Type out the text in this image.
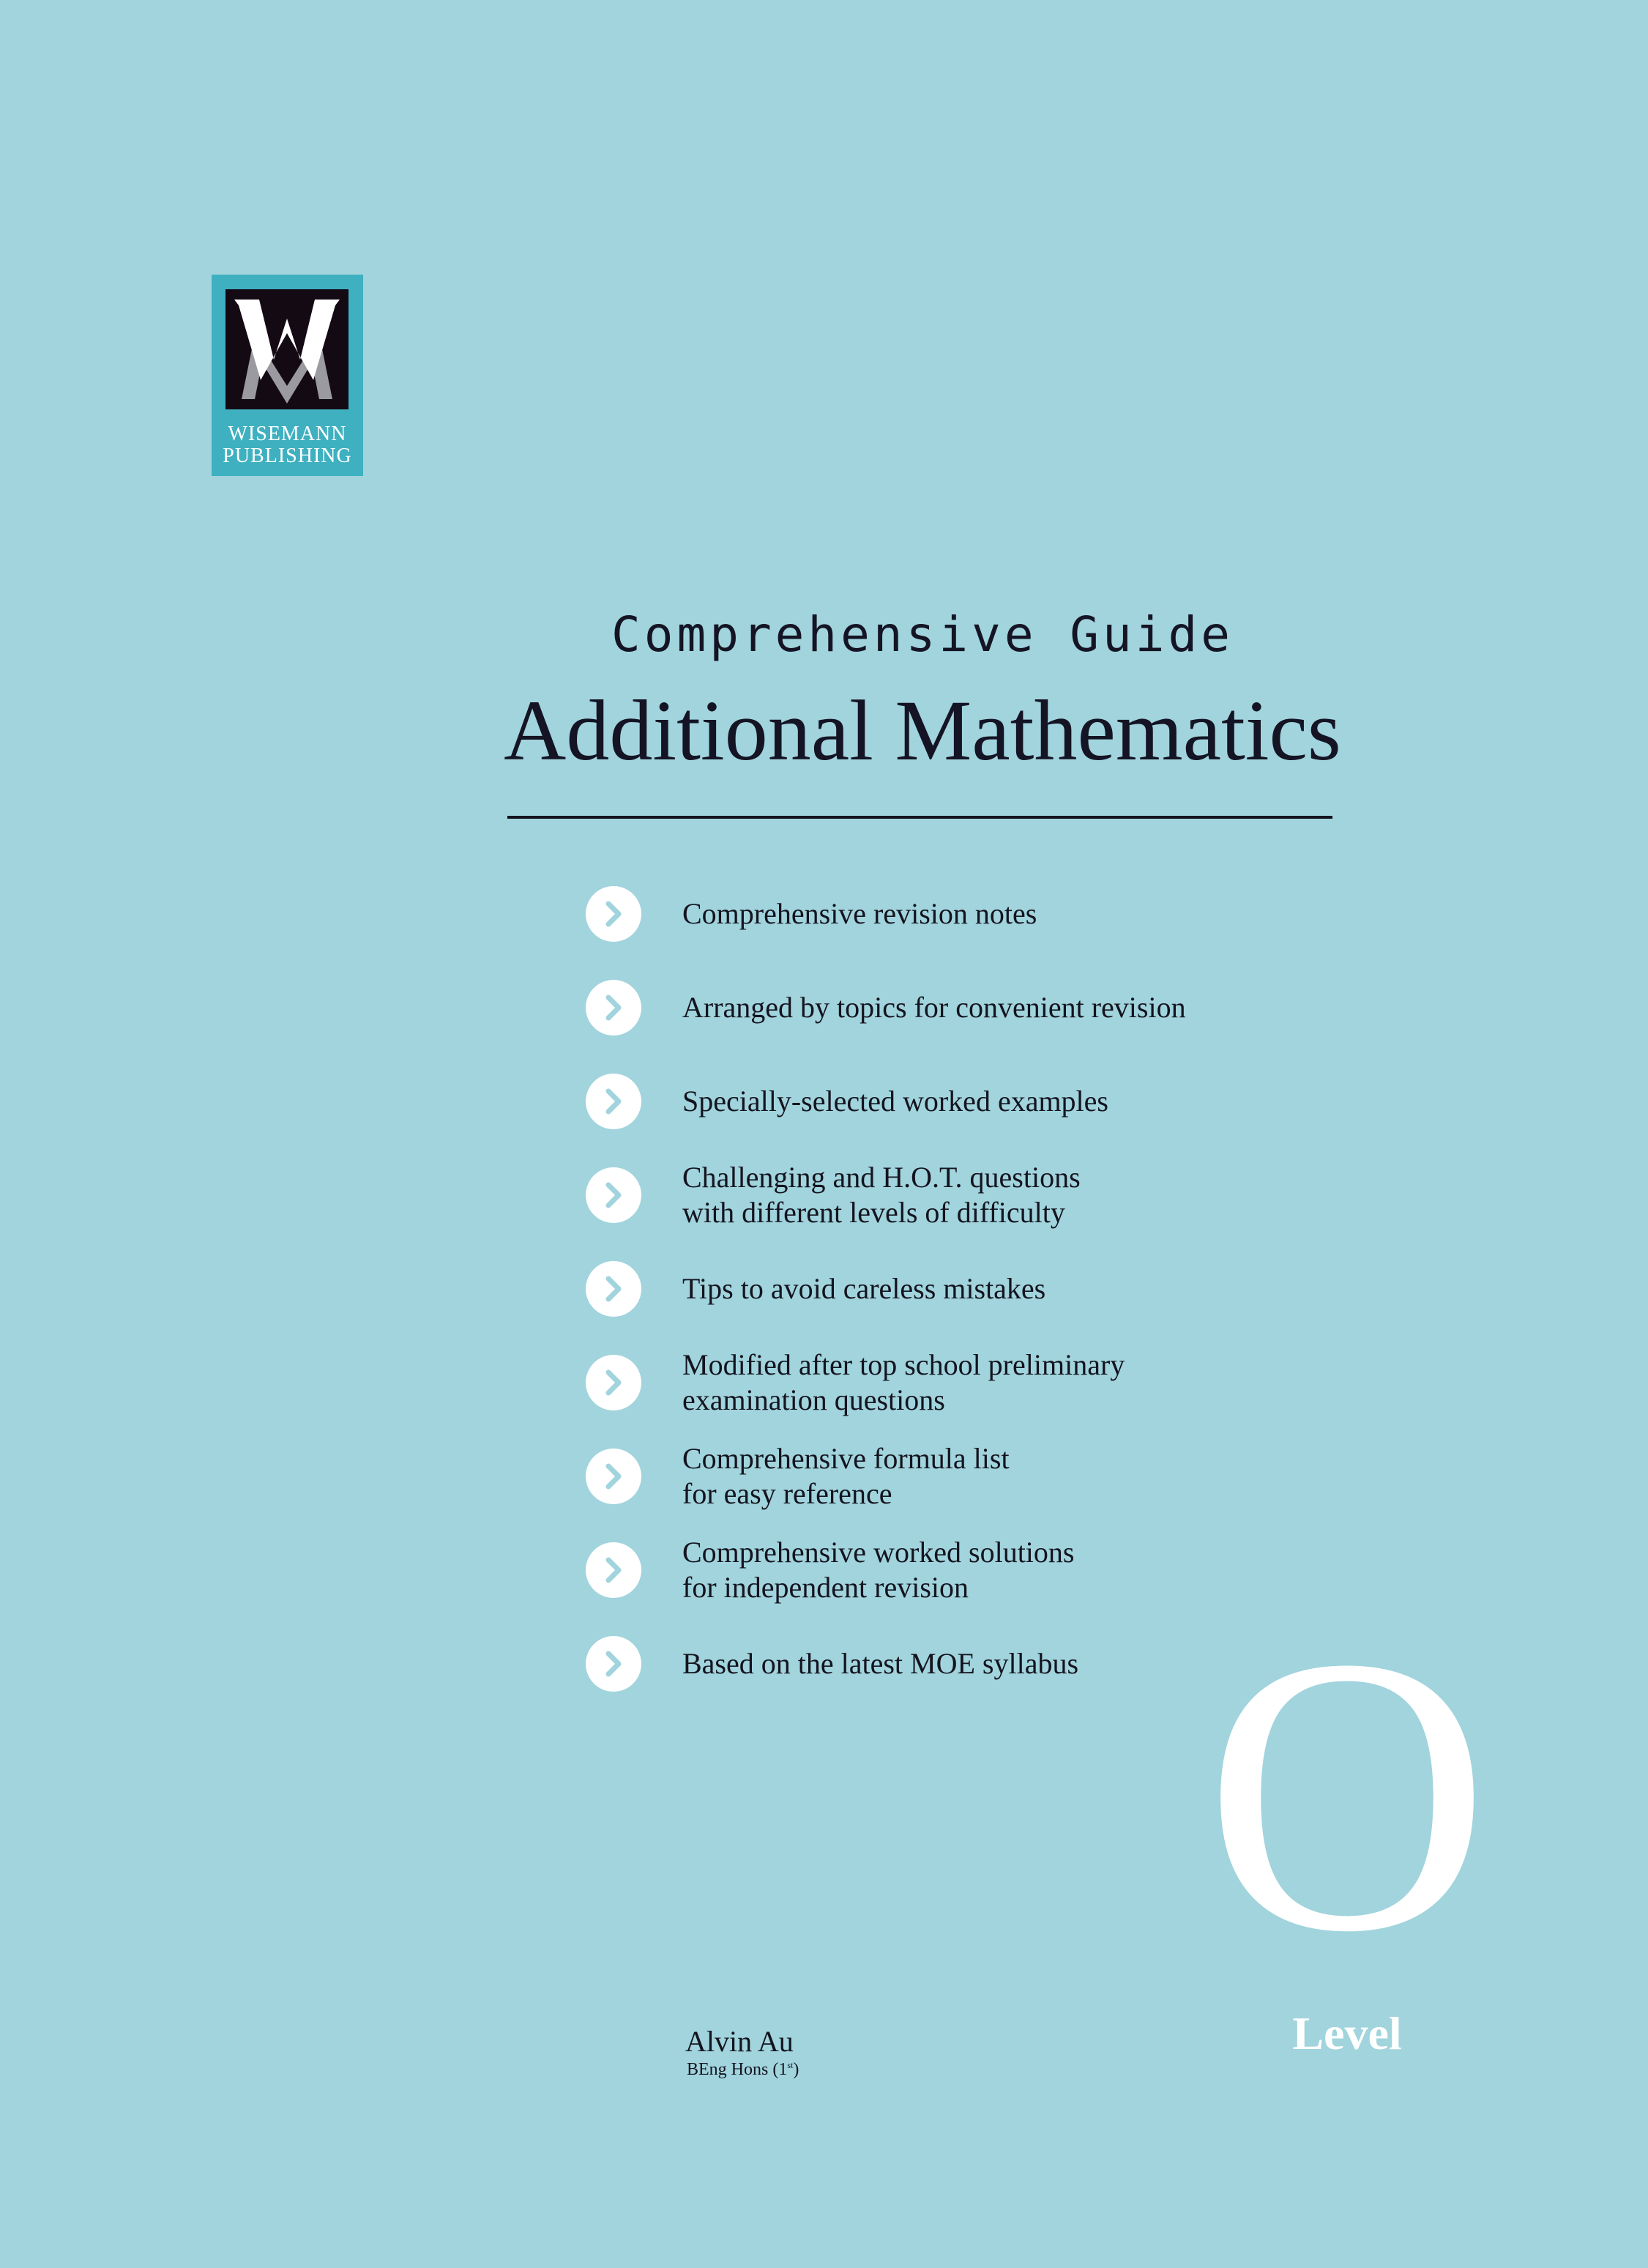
WISEMANN
PUBLISHING
Comprehensive Guide
Additional Mathematics
Comprehensive revision notes
Arranged by topics for convenient revision
Specially-selected worked examples
Challenging and H.O.T. questions
with different levels of difficulty
Tips to avoid careless mistakes
Modified after top school preliminary
examination questions
Comprehensive formula list
for easy reference
Comprehensive worked solutions
for independent revision
Based on the latest MOE syllabus O
Level
Alvin Au
BEng Hons (1st)
